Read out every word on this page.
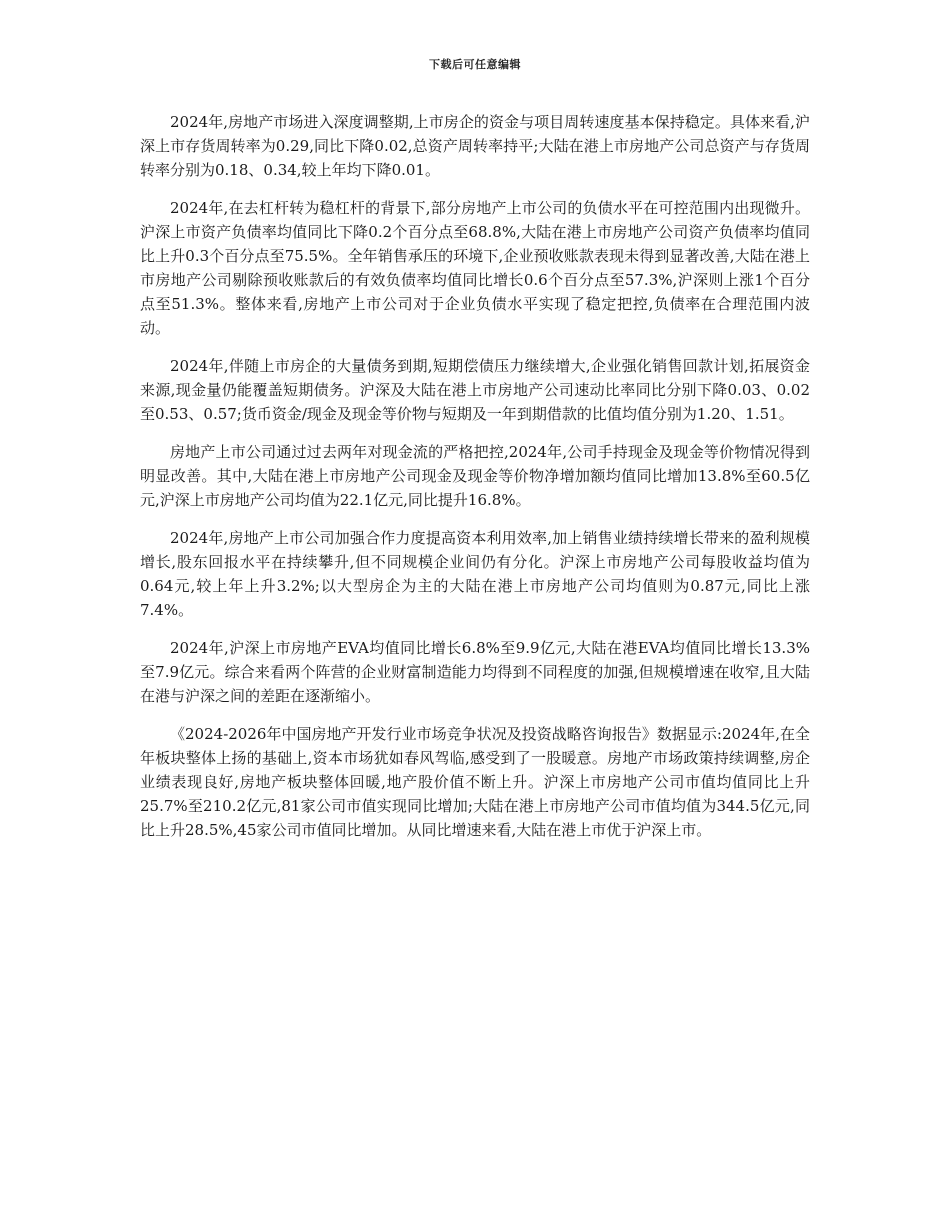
下载后可任意编辑

2024年,房地产市场进入深度调整期,上市房企的资金与项目周转速度基本保持稳定。具体来看,沪深上市存货周转率为0.29,同比下降0.02,总资产周转率持平;大陆在港上市房地产公司总资产与存货周转率分别为0.18、0.34,较上年均下降0.01。

2024年,在去杠杆转为稳杠杆的背景下,部分房地产上市公司的负债水平在可控范围内出现微升。沪深上市资产负债率均值同比下降0.2个百分点至68.8%,大陆在港上市房地产公司资产负债率均值同比上升0.3个百分点至75.5%。全年销售承压的环境下,企业预收账款表现未得到显著改善,大陆在港上市房地产公司剔除预收账款后的有效负债率均值同比增长0.6个百分点至57.3%,沪深则上涨1个百分点至51.3%。整体来看,房地产上市公司对于企业负债水平实现了稳定把控,负债率在合理范围内波动。

2024年,伴随上市房企的大量债务到期,短期偿债压力继续增大,企业强化销售回款计划,拓展资金来源,现金量仍能覆盖短期债务。沪深及大陆在港上市房地产公司速动比率同比分别下降0.03、0.02至0.53、0.57;货币资金/现金及现金等价物与短期及一年到期借款的比值均值分别为1.20、1.51。

房地产上市公司通过过去两年对现金流的严格把控,2024年,公司手持现金及现金等价物情况得到明显改善。其中,大陆在港上市房地产公司现金及现金等价物净增加额均值同比增加13.8%至60.5亿元,沪深上市房地产公司均值为22.1亿元,同比提升16.8%。

2024年,房地产上市公司加强合作力度提高资本利用效率,加上销售业绩持续增长带来的盈利规模增长,股东回报水平在持续攀升,但不同规模企业间仍有分化。沪深上市房地产公司每股收益均值为0.64元,较上年上升3.2%;以大型房企为主的大陆在港上市房地产公司均值则为0.87元,同比上涨7.4%。

2024年,沪深上市房地产EVA均值同比增长6.8%至9.9亿元,大陆在港EVA均值同比增长13.3%至7.9亿元。综合来看两个阵营的企业财富制造能力均得到不同程度的加强,但规模增速在收窄,且大陆在港与沪深之间的差距在逐渐缩小。

《2024-2026年中国房地产开发行业市场竞争状况及投资战略咨询报告》数据显示:2024年,在全年板块整体上扬的基础上,资本市场犹如春风驾临,感受到了一股暖意。房地产市场政策持续调整,房企业绩表现良好,房地产板块整体回暖,地产股价值不断上升。沪深上市房地产公司市值均值同比上升25.7%至210.2亿元,81家公司市值实现同比增加;大陆在港上市房地产公司市值均值为344.5亿元,同比上升28.5%,45家公司市值同比增加。从同比增速来看,大陆在港上市优于沪深上市。
